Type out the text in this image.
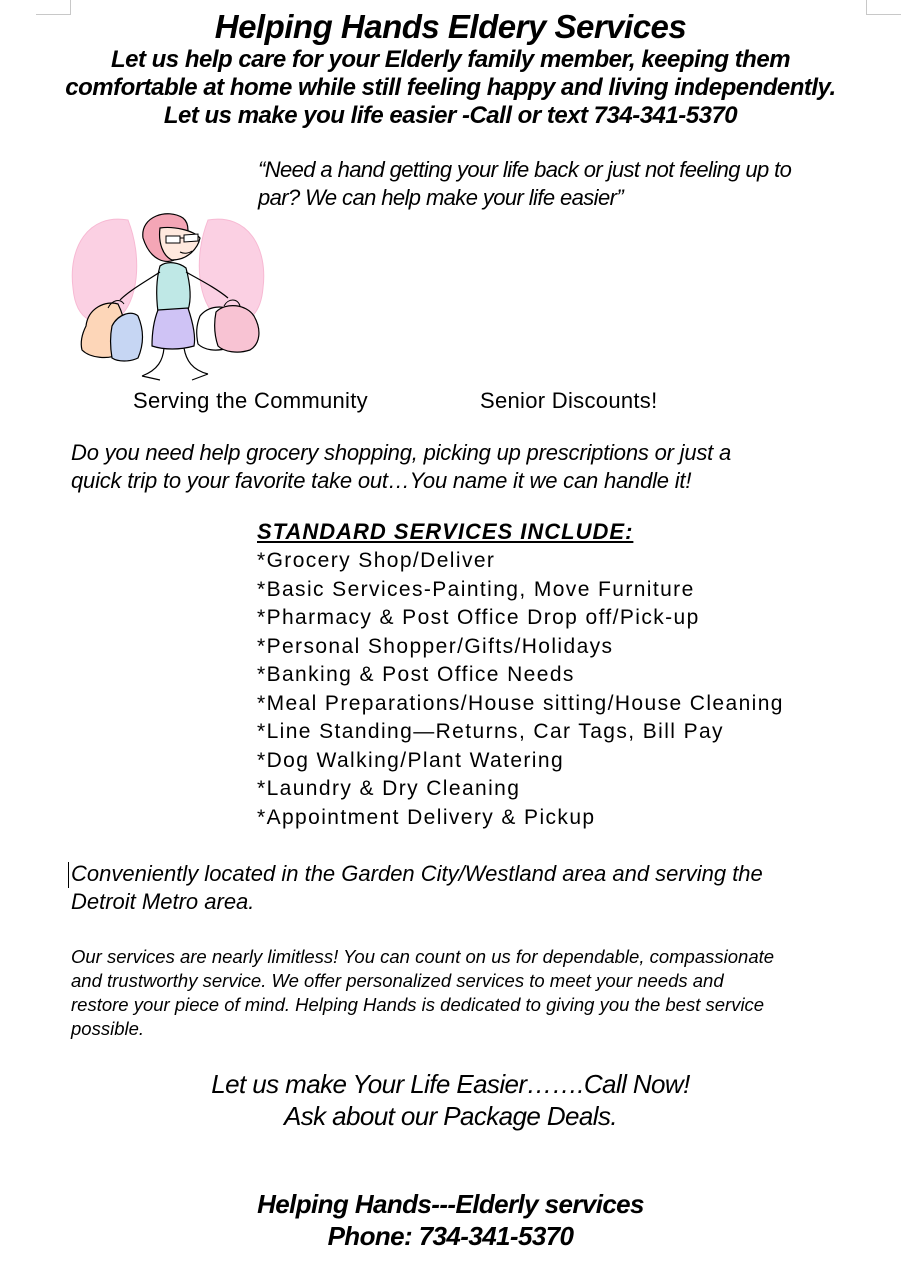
Helping Hands Eldery Services
Let us help care for your Elderly family member, keeping them
comfortable at home while still feeling happy and living independently.
Let us make you life easier -Call or text 734-341-5370
“Need a hand getting your life back or just not feeling up to
par? We can help make your life easier”
Serving the Community	Senior Discounts!
Do you need help grocery shopping, picking up prescriptions or just a
quick trip to your favorite take out…You name it we can handle it!
STANDARD SERVICES INCLUDE:
*Grocery Shop/Deliver
*Basic Services-Painting, Move Furniture
*Pharmacy & Post Office Drop off/Pick-up
*Personal Shopper/Gifts/Holidays
*Banking & Post Office Needs
*Meal Preparations/House sitting/House Cleaning
*Line Standing—Returns, Car Tags, Bill Pay
*Dog Walking/Plant Watering
*Laundry & Dry Cleaning
*Appointment Delivery & Pickup
Conveniently located in the Garden City/Westland area and serving the
Detroit Metro area.
Our services are nearly limitless! You can count on us for dependable, compassionate
and trustworthy service. We offer personalized services to meet your needs and
restore your piece of mind. Helping Hands is dedicated to giving you the best service
possible.
Let us make Your Life Easier…….Call Now!
Ask about our Package Deals.
Helping Hands---Elderly services
Phone: 734-341-5370
